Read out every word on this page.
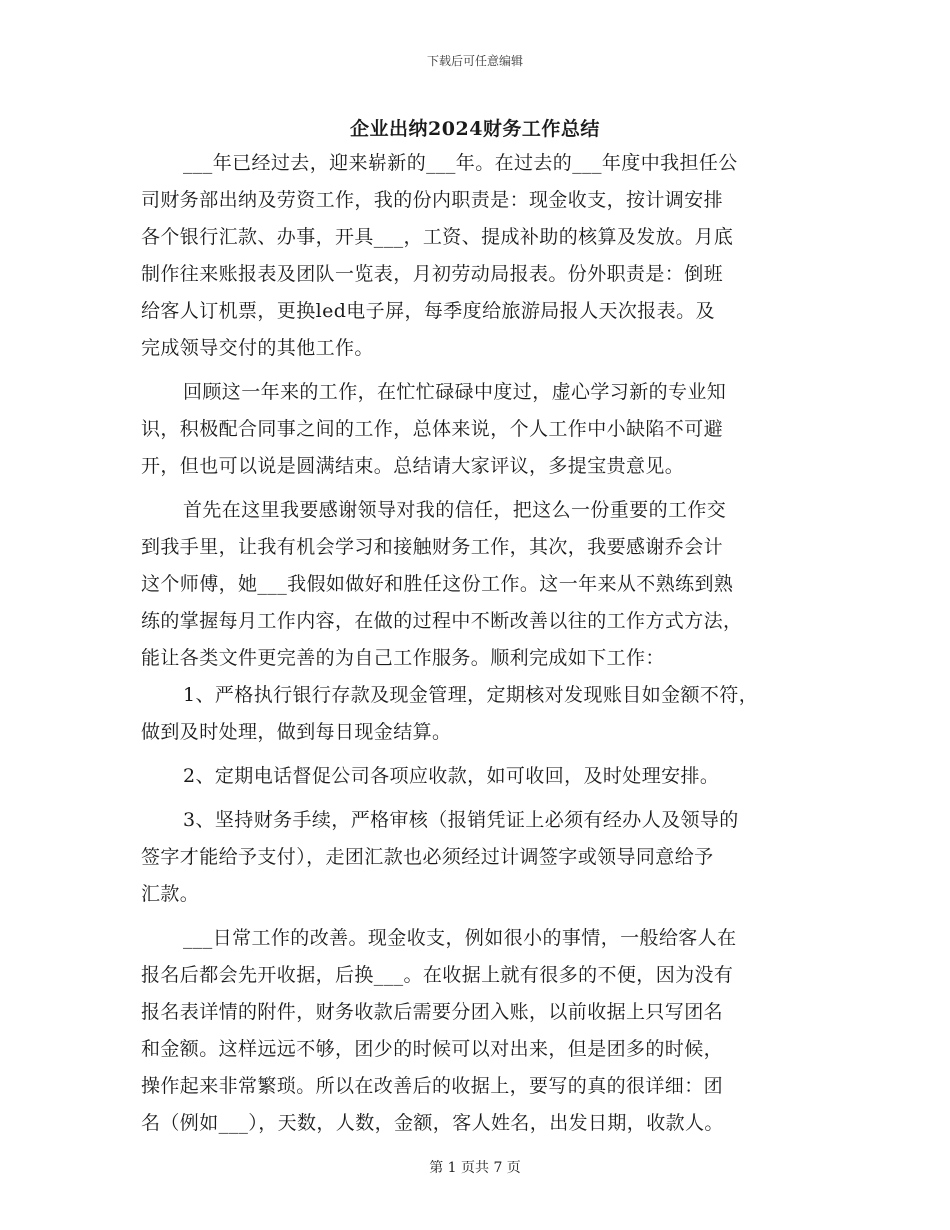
下载后可任意编辑
企业出纳2024财务工作总结
___年已经过去，迎来崭新的___年。在过去的___年度中我担任公
司财务部出纳及劳资工作，我的份内职责是：现金收支，按计调安排
各个银行汇款、办事，开具___，工资、提成补助的核算及发放。月底
制作往来账报表及团队一览表，月初劳动局报表。份外职责是：倒班
给客人订机票，更换led电子屏，每季度给旅游局报人天次报表。及
完成领导交付的其他工作。
回顾这一年来的工作，在忙忙碌碌中度过，虚心学习新的专业知
识，积极配合同事之间的工作，总体来说，个人工作中小缺陷不可避
开，但也可以说是圆满结束。总结请大家评议，多提宝贵意见。
首先在这里我要感谢领导对我的信任，把这么一份重要的工作交
到我手里，让我有机会学习和接触财务工作，其次，我要感谢乔会计
这个师傅，她___我假如做好和胜任这份工作。这一年来从不熟练到熟
练的掌握每月工作内容，在做的过程中不断改善以往的工作方式方法，
能让各类文件更完善的为自己工作服务。顺利完成如下工作：
1、严格执行银行存款及现金管理，定期核对发现账目如金额不符，
做到及时处理，做到每日现金结算。
2、定期电话督促公司各项应收款，如可收回，及时处理安排。
3、坚持财务手续，严格审核（报销凭证上必须有经办人及领导的
签字才能给予支付），走团汇款也必须经过计调签字或领导同意给予
汇款。
___日常工作的改善。现金收支，例如很小的事情，一般给客人在
报名后都会先开收据，后换___。在收据上就有很多的不便，因为没有
报名表详情的附件，财务收款后需要分团入账，以前收据上只写团名
和金额。这样远远不够，团少的时候可以对出来，但是团多的时候，
操作起来非常繁琐。所以在改善后的收据上，要写的真的很详细：团
名（例如___），天数，人数，金额，客人姓名，出发日期，收款人。
第 1 页共 7 页
